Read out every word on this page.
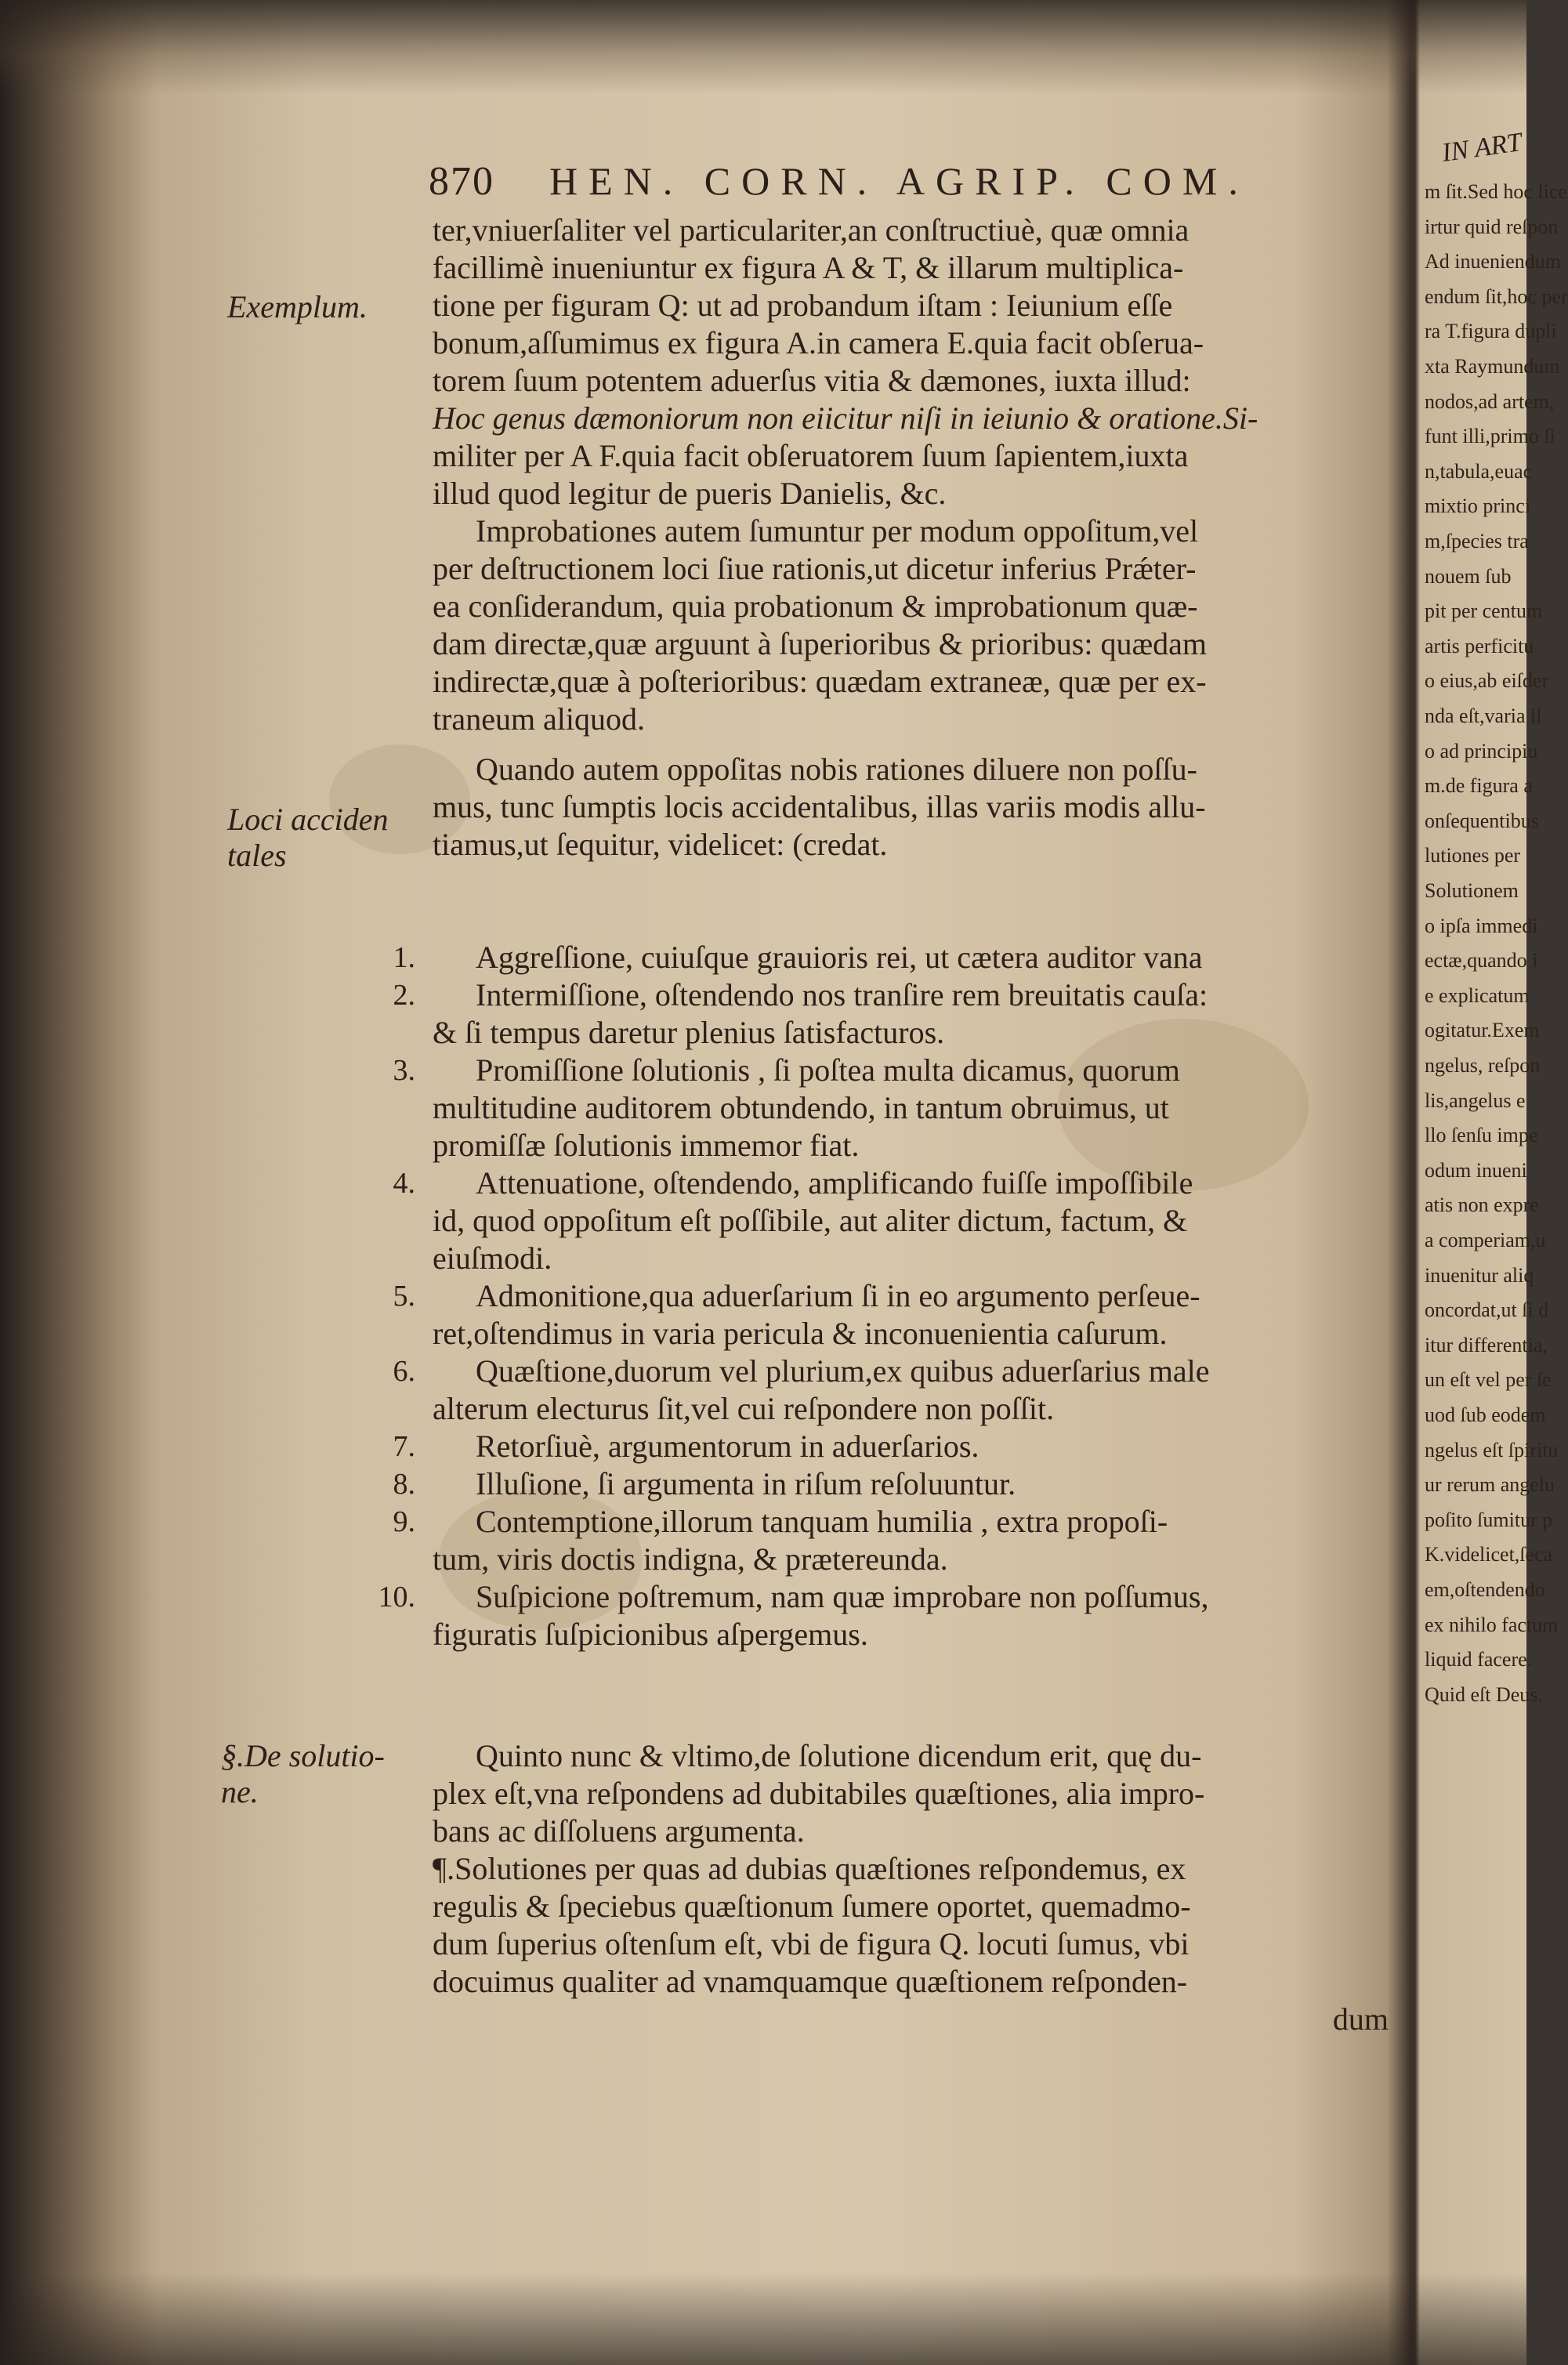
870 HEN. CORN. AGRIP. COM.
Exemplum.
Loci acciden
tales
§.De solutio-
ne.
1.
2.
3.
4.
5.
6.
7.
8.
9.
10.
ter,vniuerſaliter vel particulariter,an conſtructiuè, quæ omnia
facillimè inueniuntur ex figura A & T, & illarum multiplica-
tione per figuram Q: ut ad probandum iſtam : Ieiunium eſſe
bonum,aſſumimus ex figura A.in camera E.quia facit obſerua-
torem ſuum potentem aduerſus vitia & dæmones, iuxta illud:
Hoc genus dæmoniorum non eiicitur niſi in ieiunio & oratione.Si-
militer per A F.quia facit obſeruatorem ſuum ſapientem,iuxta
illud quod legitur de pueris Danielis, &c.
Improbationes autem ſumuntur per modum oppoſitum,vel
per deſtructionem loci ſiue rationis,ut dicetur inferius Prǽter-
ea conſiderandum, quia probationum & improbationum quæ-
dam directæ,quæ arguunt à ſuperioribus & prioribus: quædam
indirectæ,quæ à poſterioribus: quædam extraneæ, quæ per ex-
traneum aliquod.
Quando autem oppoſitas nobis rationes diluere non poſſu-
mus, tunc ſumptis locis accidentalibus, illas variis modis allu-
tiamus,ut ſequitur, videlicet: (credat.
Aggreſſione, cuiuſque grauioris rei, ut cætera auditor vana
Intermiſſione, oſtendendo nos tranſire rem breuitatis cauſa:
& ſi tempus daretur plenius ſatisfacturos.
Promiſſione ſolutionis , ſi poſtea multa dicamus, quorum
multitudine auditorem obtundendo, in tantum obruimus, ut
promiſſæ ſolutionis immemor fiat.
Attenuatione, oſtendendo, amplificando fuiſſe impoſſibile
id, quod oppoſitum eſt poſſibile, aut aliter dictum, factum, &
eiuſmodi.
Admonitione,qua aduerſarium ſi in eo argumento perſeue-
ret,oſtendimus in varia pericula & inconuenientia caſurum.
Quæſtione,duorum vel plurium,ex quibus aduerſarius male
alterum electurus ſit,vel cui reſpondere non poſſit.
Retorſiuè, argumentorum in aduerſarios.
Illuſione, ſi argumenta in riſum reſoluuntur.
Contemptione,illorum tanquam humilia , extra propoſi-
tum, viris doctis indigna, & prætereunda.
Suſpicione poſtremum, nam quæ improbare non poſſumus,
figuratis ſuſpicionibus aſpergemus.
Quinto nunc & vltimo,de ſolutione dicendum erit, quę du-
plex eſt,vna reſpondens ad dubitabiles quæſtiones, alia impro-
bans ac diſſoluens argumenta.
¶.Solutiones per quas ad dubias quæſtiones reſpondemus, ex
regulis & ſpeciebus quæſtionum ſumere oportet, quemadmo-
dum ſuperius oſtenſum eſt, vbi de figura Q. locuti ſumus, vbi
docuimus qualiter ad vnamquamque quæſtionem reſponden-
dum
IN ART
m ſit.Sed hoc lice
irtur quid reſpon
Ad inueniendum
endum ſit,hoc per
ra T.figura dupli
xta Raymundum
nodos,ad artem,
funt illi,primo ſi
n,tabula,euac
mixtio princi
m,ſpecies tra
nouem ſub
pit per centum
artis perficitu
o eius,ab eiſder
nda eſt,varia il
o ad principiu
m.de figura a
onſequentibus
lutiones per
Solutionem
o ipſa immedi
ectæ,quando i
e explicatum
ogitatur.Exem
ngelus, reſpon
lis,angelus e
llo ſenſu impe
odum inueni
atis non expre
a comperiam,u
inuenitur aliq
oncordat,ut ſi d
itur differentia,
un eſt vel per ſe
uod ſub eodem
ngelus eſt ſpiritu
ur rerum angelu
poſito ſumitur p
K.videlicet,ſeca
em,oſtendendo
ex nihilo factum
liquid facere.
Quid eſt Deus.
